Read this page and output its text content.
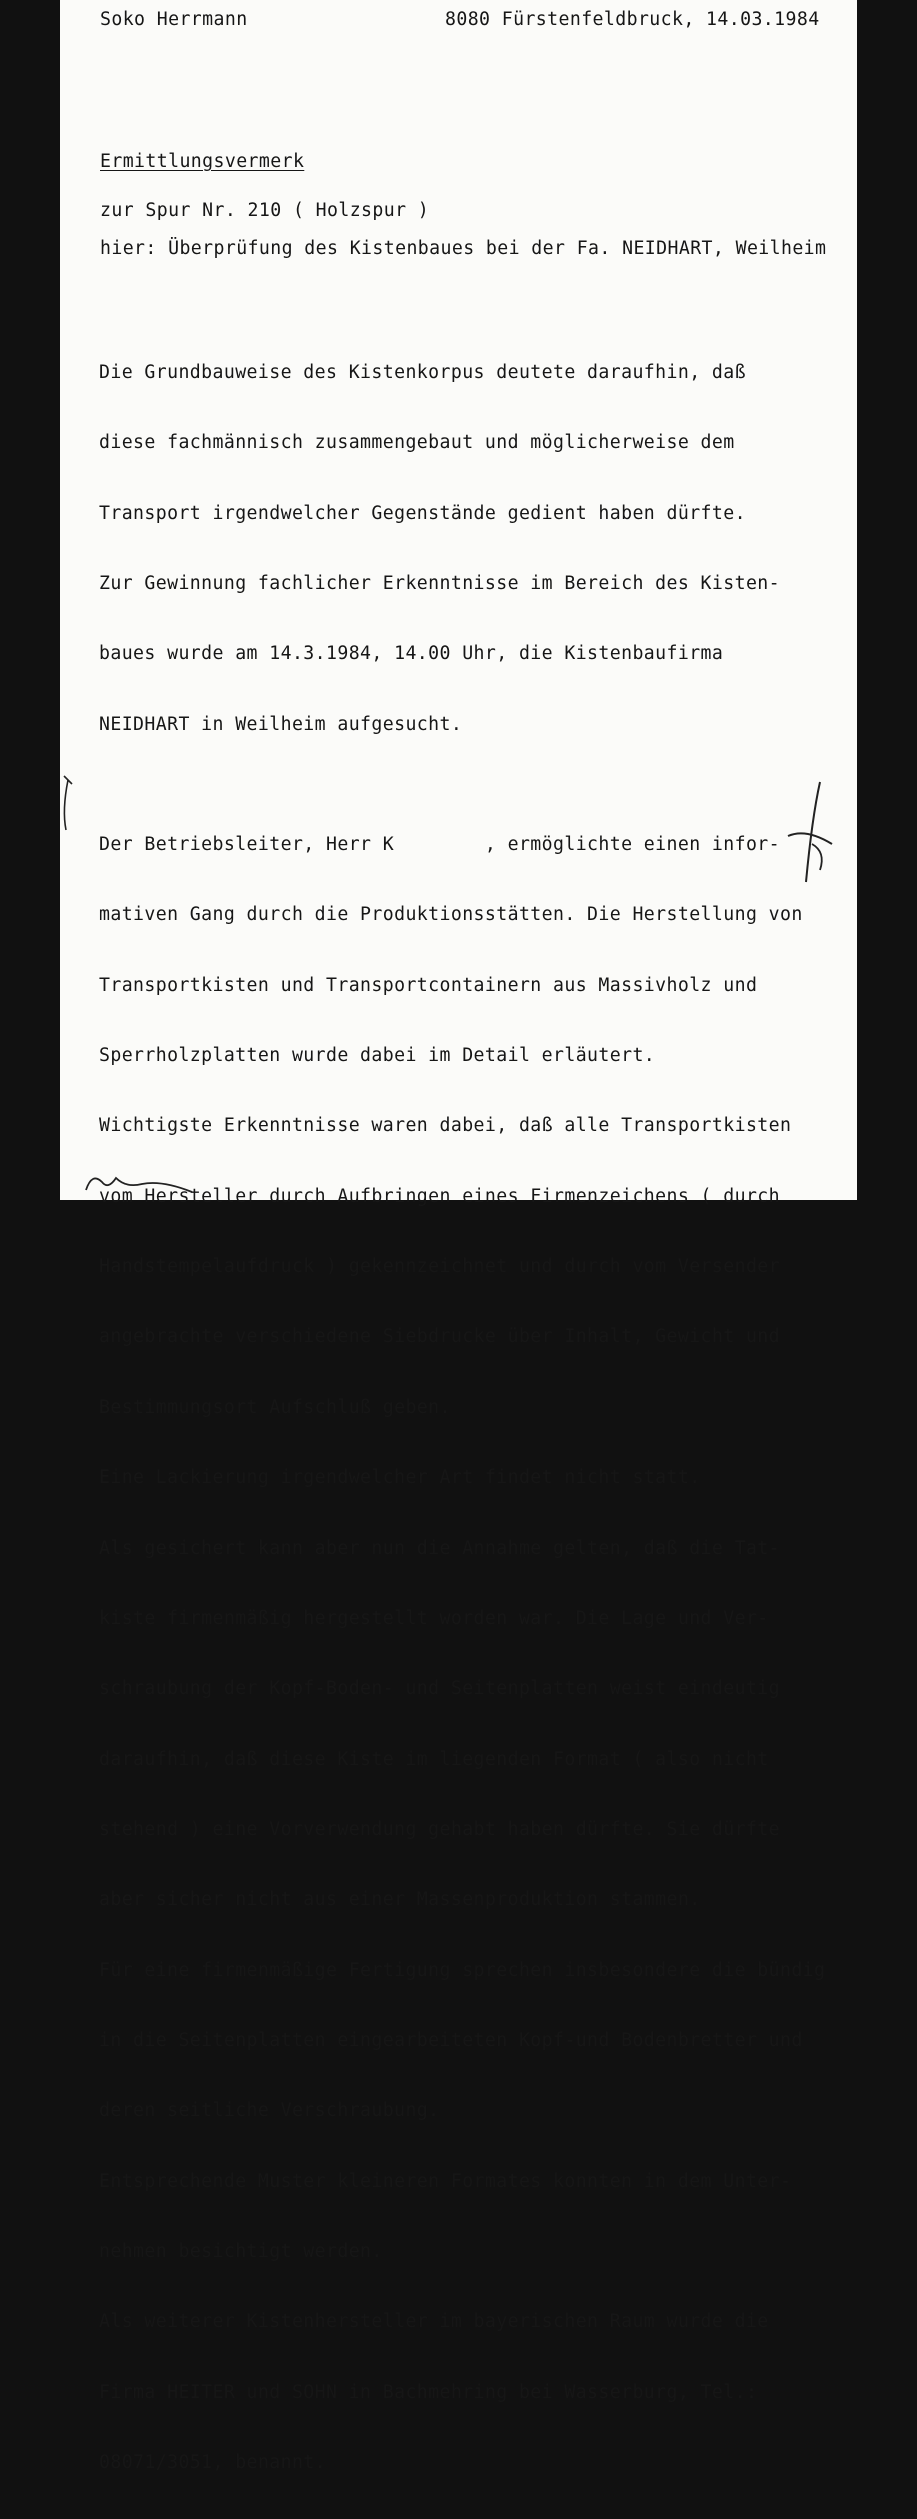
Soko Herrmann	8080 Fürstenfeldbruck, 14.03.1984
Ermittlungsvermerk
zur Spur Nr. 210 ( Holzspur )
hier: Überprüfung des Kistenbaues bei der Fa. NEIDHART, Weilheim

Die Grundbauweise des Kistenkorpus deutete daraufhin, daß

diese fachmännisch zusammengebaut und möglicherweise dem

Transport irgendwelcher Gegenstände gedient haben dürfte.

Zur Gewinnung fachlicher Erkenntnisse im Bereich des Kisten-

baues wurde am 14.3.1984, 14.00 Uhr, die Kistenbaufirma

NEIDHART in Weilheim aufgesucht.

Der Betriebsleiter, Herr K        , ermöglichte einen infor-

mativen Gang durch die Produktionsstätten. Die Herstellung von

Transportkisten und Transportcontainern aus Massivholz und

Sperrholzplatten wurde dabei im Detail erläutert.

Wichtigste Erkenntnisse waren dabei, daß alle Transportkisten

vom Hersteller durch Aufbringen eines Firmenzeichens ( durch

Handstempelaufdruck ) gekennzeichnet und durch vom Versender

angebrachte verschiedene Siebdrucke über Inhalt, Gewicht und

Bestimmungsort Aufschluß geben.

Eine Lackierung irgendwelcher Art findet nicht statt.

Als gesichert kann aber nun die Annahme gelten, daß die Tat-

kiste firmenmäßig hergestellt worden war. Die Lage und Ver-

schraubung der Kopf-Boden- und Seitenplatten weist eindeutig

daraufhin, daß diese Kiste im liegenden Format ( also nicht

stehend ) eine Vorverwendung gehabt haben dürfte. Sie dürfte

aber sicher nicht aus einer Massenproduktion stammen.

Für eine firmenmäßige Fertigung sprechen insbesondere die bündig

in die Seitenplatten eingearbeiteten Kopf-und Bodenbretter und

deren seitliche Verschraubung.

Entsprechende Muster kleineren Formates konnten in dem Unter-

nehmen besichtigt werden.

Als weiterer Kistenhersteller im bayerischen Raum wurde die

Firma HEITER und SOHN in Bachmehring bei Wasserburg, Tel.:

08071/3051, benannt.
